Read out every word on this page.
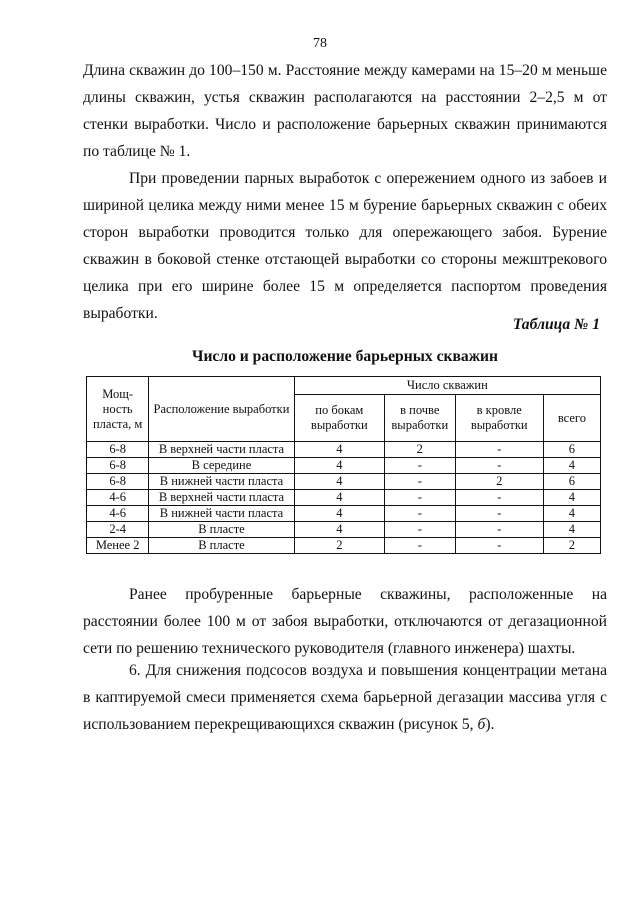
78

Длина скважин до 100–150 м. Расстояние между камерами на 15–20 м меньше длины скважин, устья скважин располагаются на расстоянии 2–2,5 м от стенки выработки. Число и расположение барьерных скважин принимаются по таблице № 1.

При проведении парных выработок с опережением одного из забоев и шириной целика между ними менее 15 м бурение барьерных скважин с обеих сторон выработки проводится только для опережающего забоя. Бурение скважин в боковой стенке отстающей выработки со стороны межштрекового целика при его ширине более 15 м определяется паспортом проведения выработки.

Таблица № 1
Число и расположение барьерных скважин
Мощ-ность пласта, м	Расположение выработки	Число скважин			
		по бокам выработки	в почве выработки	в кровле выработки	всего
6-8	В верхней части пласта	4	2	-	6
6-8	В середине	4	-	-	4
6-8	В нижней части пласта	4	-	2	6
4-6	В верхней части пласта	4	-	-	4
4-6	В нижней части пласта	4	-	-	4
2-4	В пласте	4	-	-	4
Менее 2	В пласте	2	-	-	2

Ранее пробуренные барьерные скважины, расположенные на расстоянии более 100 м от забоя выработки, отключаются от дегазационной сети по решению технического руководителя (главного инженера) шахты.

6. Для снижения подсосов воздуха и повышения концентрации метана в каптируемой смеси применяется схема барьерной дегазации массива угля с использованием перекрещивающихся скважин (рисунок 5, б).
